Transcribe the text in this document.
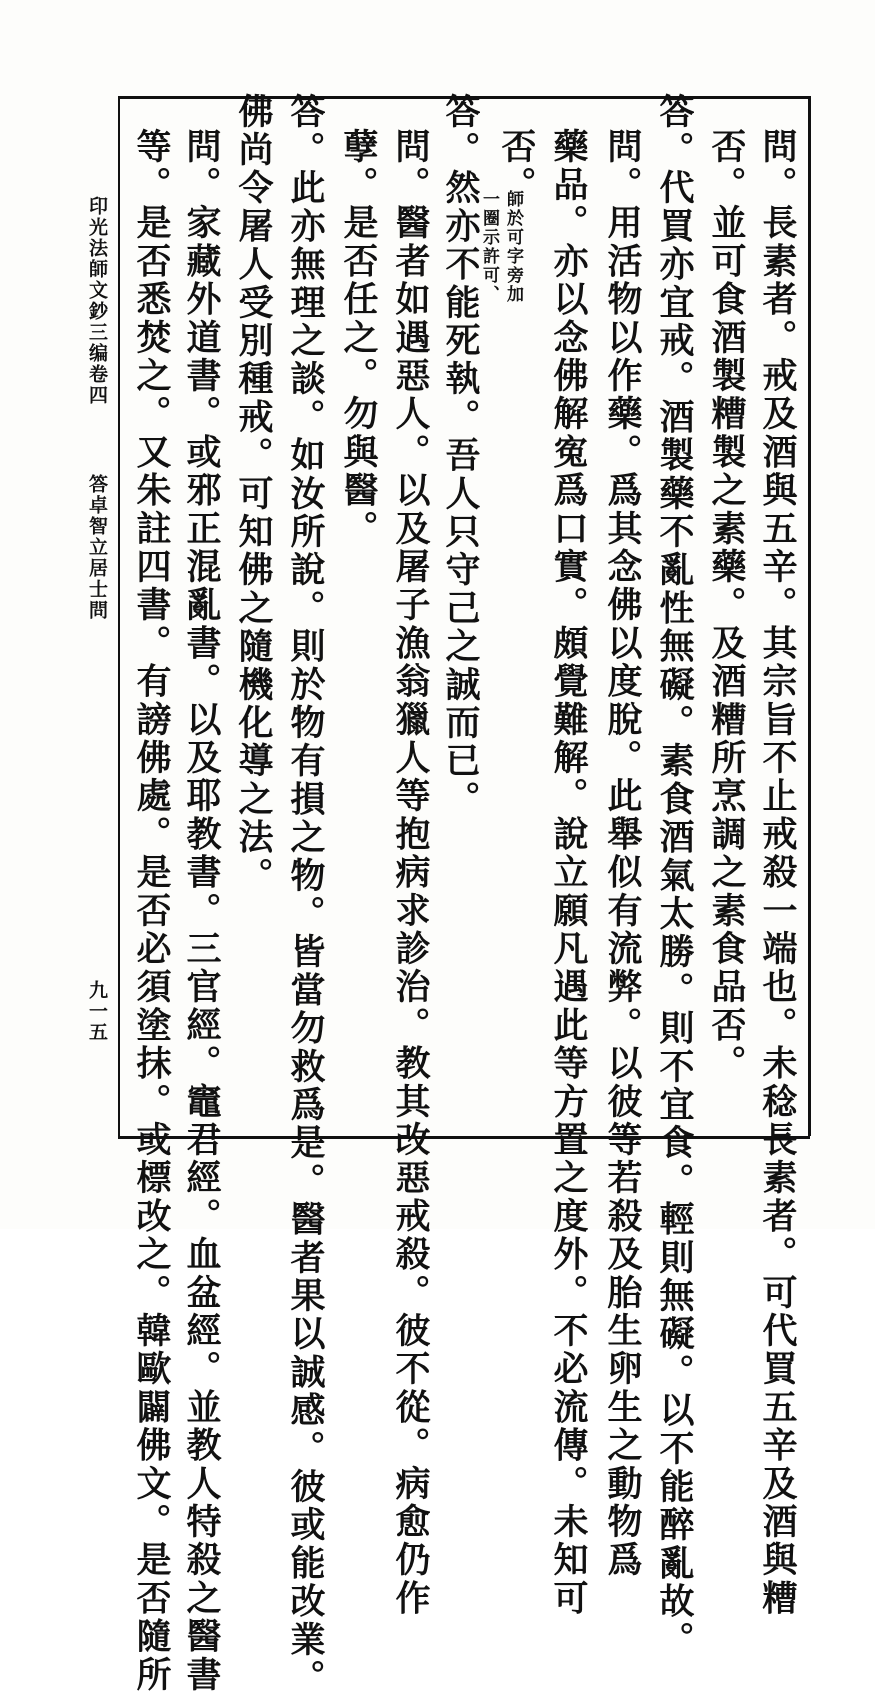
問。長素者。戒及酒與五辛。其宗旨不止戒殺一端也。未稔長素者。可代買五辛及酒與糟
否。並可食酒製糟製之素藥。及酒糟所烹調之素食品否。
答。代買亦宜戒。酒製藥不亂性無礙。素食酒氣太勝。則不宜食。輕則無礙。以不能醉亂故。
問。用活物以作藥。爲其念佛以度脫。此舉似有流弊。以彼等若殺及胎生卵生之動物爲
藥品。亦以念佛解寃爲口實。頗覺難解。說立願凡遇此等方置之度外。不必流傳。未知可
否。
師於可字旁加
一圈示許可、
答。然亦不能死執。吾人只守己之誠而已。
問。醫者如遇惡人。以及屠子漁翁獵人等抱病求診治。教其改惡戒殺。彼不從。病愈仍作
孽。是否任之。勿與醫。
答。此亦無理之談。如汝所說。則於物有損之物。皆當勿救爲是。醫者果以誠感。彼或能改業。
佛尚令屠人受別種戒。可知佛之隨機化導之法。
問。家藏外道書。或邪正混亂書。以及耶教書。三官經。竈君經。血盆經。並教人特殺之醫書
等。是否悉焚之。又朱註四書。有謗佛處。是否必須塗抹。或標改之。韓歐闢佛文。是否隨所
印光法師文鈔三编卷四
答卓智立居士問
九一五
